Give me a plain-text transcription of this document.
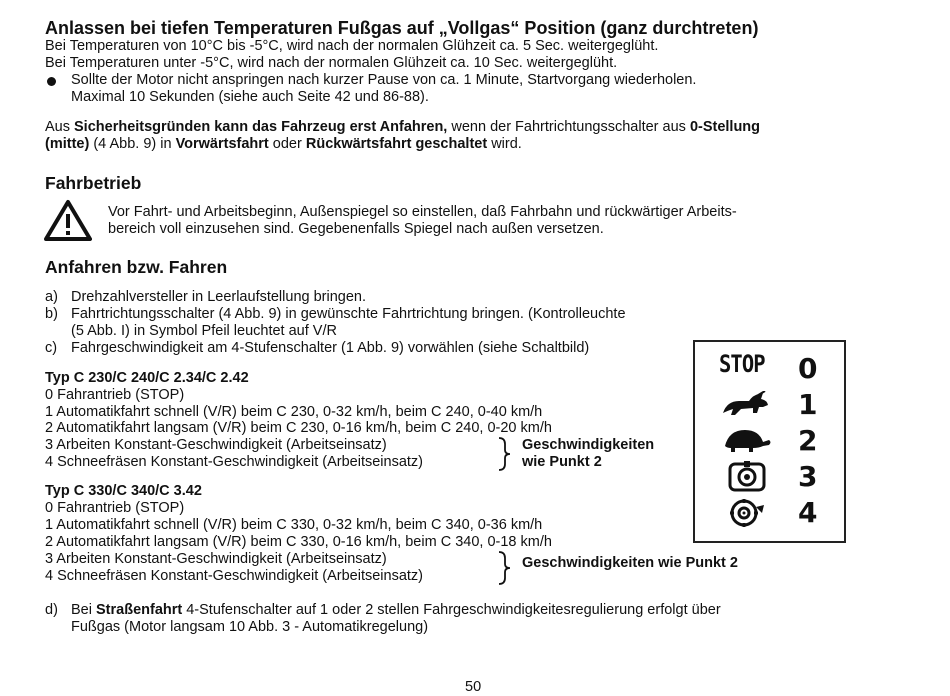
Anlassen bei tiefen Temperaturen Fußgas auf „Vollgas“ Position (ganz durchtreten)
Bei Temperaturen von 10°C bis -5°C, wird nach der normalen Glühzeit ca. 5 Sec. weitergeglüht.
Bei Temperaturen unter -5°C, wird nach der normalen Glühzeit ca. 10 Sec. weitergeglüht.
Sollte der Motor nicht anspringen nach kurzer Pause von ca. 1 Minute, Startvorgang wiederholen.
Maximal 10 Sekunden (siehe auch Seite 42 und 86-88).
Aus Sicherheitsgründen kann das Fahrzeug erst Anfahren, wenn der Fahrtrichtungsschalter aus 0-Stellung
(mitte) (4 Abb. 9) in Vorwärtsfahrt oder Rückwärtsfahrt geschaltet wird.
Fahrbetrieb
Vor Fahrt- und Arbeitsbeginn, Außenspiegel so einstellen, daß Fahrbahn und rückwärtiger Arbeits-
bereich voll einzusehen sind. Gegebenenfalls Spiegel nach außen versetzen.
Anfahren bzw. Fahren
a) Drehzahlversteller in Leerlaufstellung bringen.
b) Fahrtrichtungsschalter (4 Abb. 9) in gewünschte Fahrtrichtung bringen. (Kontrolleuchte
(5 Abb. I) in Symbol Pfeil leuchtet auf V/R
c) Fahrgeschwindigkeit am 4-Stufenschalter (1 Abb. 9) vorwählen (siehe Schaltbild)
Typ C 230/C 240/C 2.34/C 2.42
0 Fahrantrieb (STOP)
1 Automatikfahrt schnell (V/R) beim C 230, 0-32 km/h, beim C 240, 0-40 km/h
2 Automatikfahrt langsam (V/R) beim C 230, 0-16 km/h, beim C 240, 0-20 km/h
3 Arbeiten Konstant-Geschwindigkeit (Arbeitseinsatz)
4 Schneefräsen Konstant-Geschwindigkeit (Arbeitseinsatz)
Geschwindigkeiten
wie Punkt 2
Typ C 330/C 340/C 3.42
0 Fahrantrieb (STOP)
1 Automatikfahrt schnell (V/R) beim C 330, 0-32 km/h, beim C 340, 0-36 km/h
2 Automatikfahrt langsam (V/R) beim C 330, 0-16 km/h, beim C 340, 0-18 km/h
3 Arbeiten Konstant-Geschwindigkeit (Arbeitseinsatz)
4 Schneefräsen Konstant-Geschwindigkeit (Arbeitseinsatz)
Geschwindigkeiten wie Punkt 2
d) Bei Straßenfahrt 4-Stufenschalter auf 1 oder 2 stellen Fahrgeschwindigkeitesregulierung erfolgt über
Fußgas (Motor langsam 10 Abb. 3 - Automatikregelung)
STOP 0
1
2
3
4
50
